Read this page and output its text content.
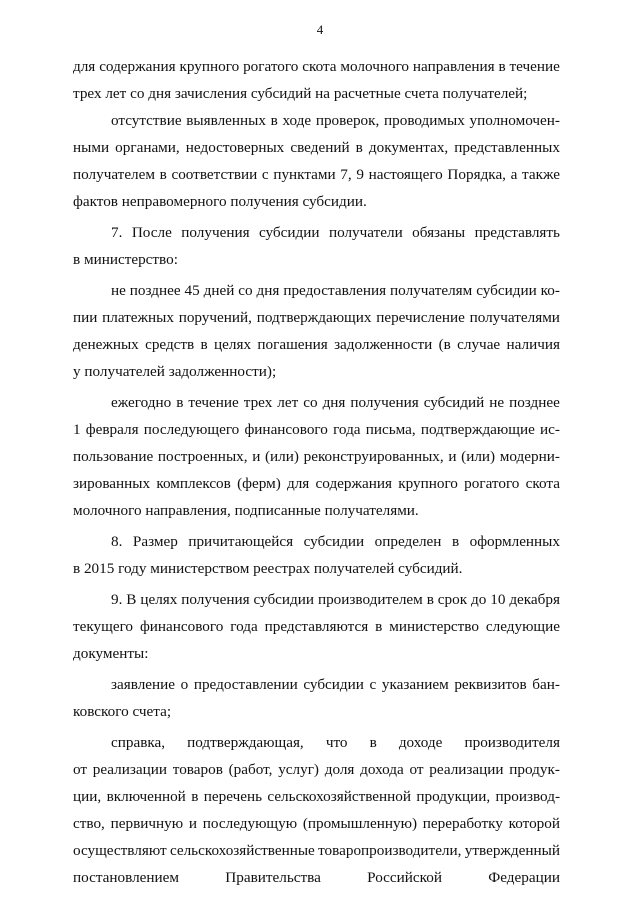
4
для содержания крупного рогатого скота молочного направления в течение
трех лет со дня зачисления субсидий на расчетные счета получателей;
отсутствие выявленных в ходе проверок, проводимых уполномочен-
ными органами, недостоверных сведений в документах, представленных
получателем в соответствии с пунктами 7, 9 настоящего Порядка, а также
фактов неправомерного получения субсидии.
7. После получения субсидии получатели обязаны представлять
в министерство:
не позднее 45 дней со дня предоставления получателям субсидии ко-
пии платежных поручений, подтверждающих перечисление получателями
денежных средств в целях погашения задолженности (в случае наличия
у получателей задолженности);
ежегодно в течение трех лет со дня получения субсидий не позднее
1 февраля последующего финансового года письма, подтверждающие ис-
пользование построенных, и (или) реконструированных, и (или) модерни-
зированных комплексов (ферм) для содержания крупного рогатого скота
молочного направления, подписанные получателями.
8. Размер причитающейся субсидии определен в оформленных
в 2015 году министерством реестрах получателей субсидий.
9. В целях получения субсидии производителем в срок до 10 декабря
текущего финансового года представляются в министерство следующие
документы:
заявление о предоставлении субсидии с указанием реквизитов бан-
ковского счета;
справка, подтверждающая, что в доходе производителя
от реализации товаров (работ, услуг) доля дохода от реализации продук-
ции, включенной в перечень сельскохозяйственной продукции, производ-
ство, первичную и последующую (промышленную) переработку которой
осуществляют сельскохозяйственные товаропроизводители, утвержденный
постановлением	Правительства	Российской	Федерации
